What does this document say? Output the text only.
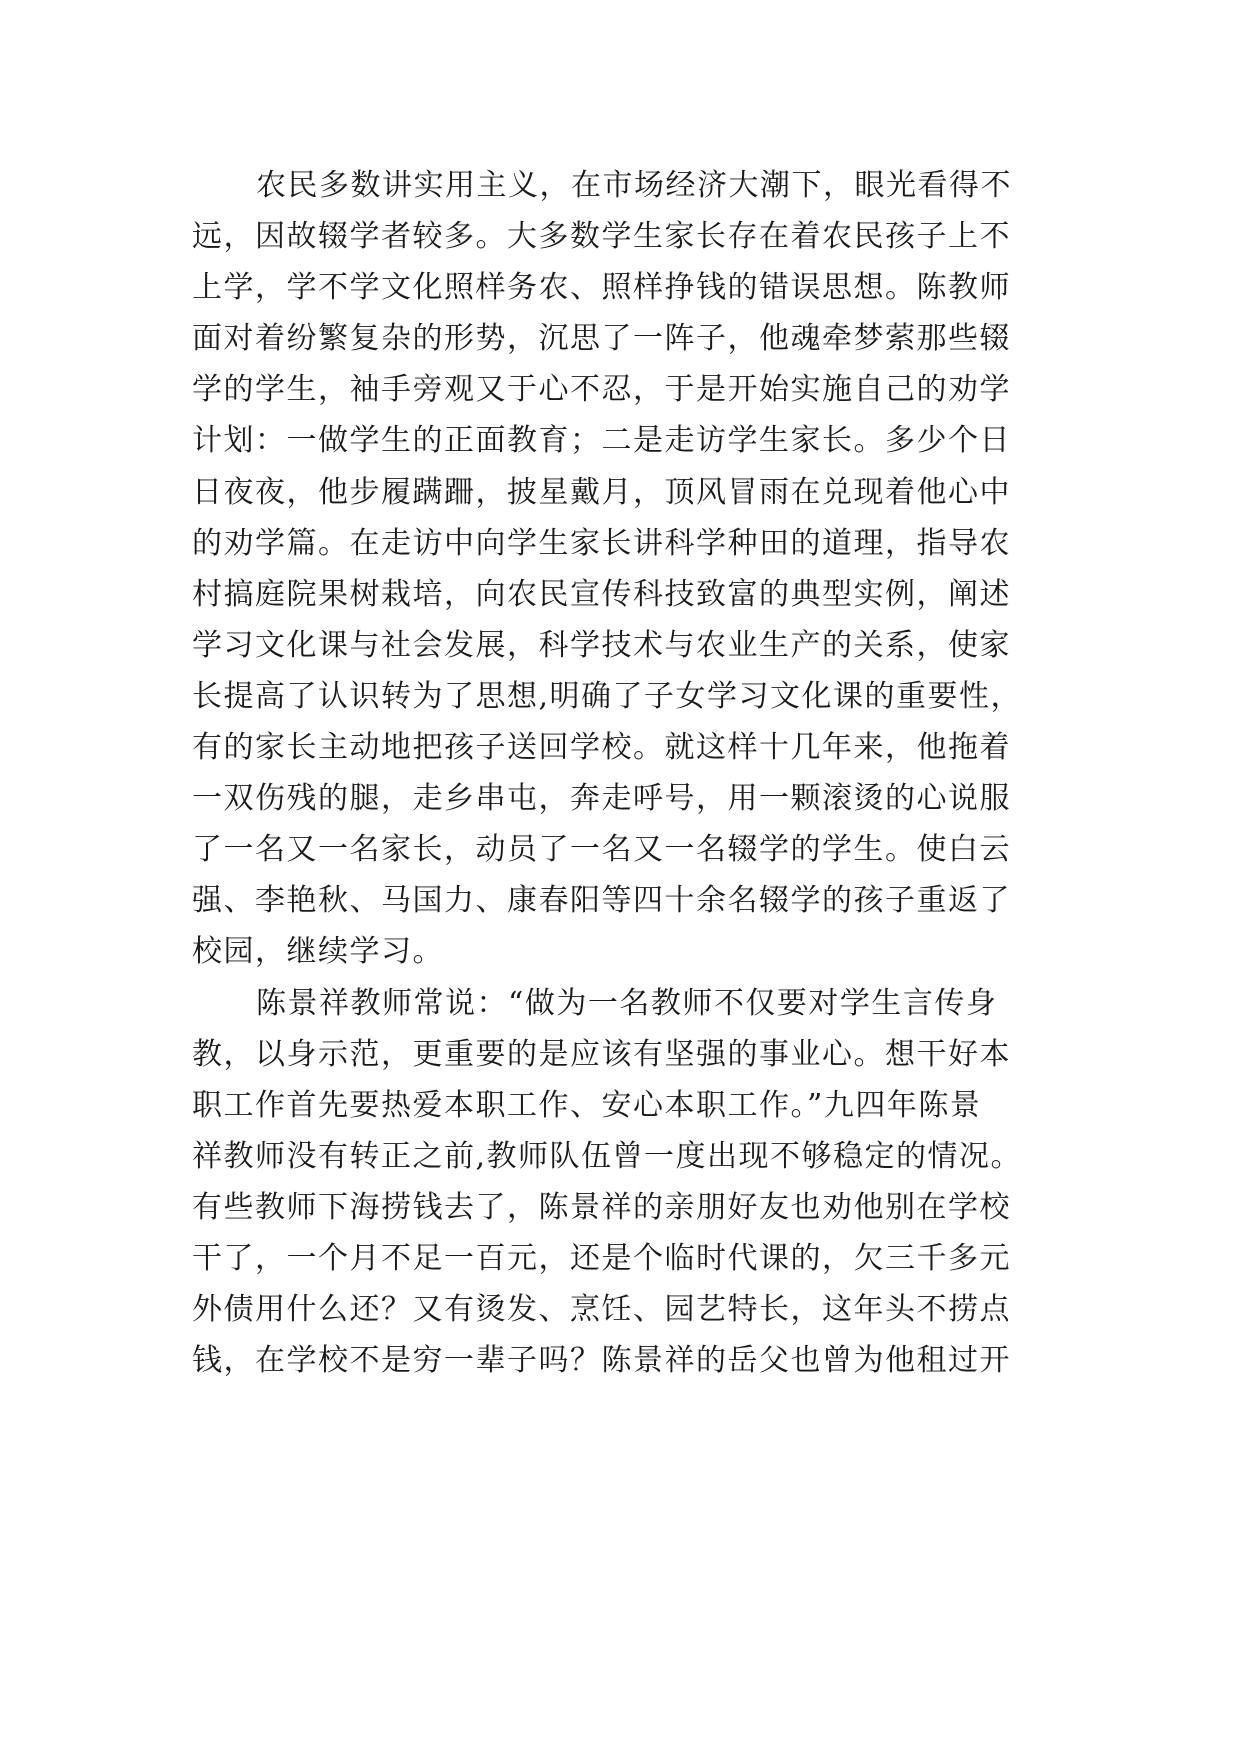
农民多数讲实用主义，在市场经济大潮下，眼光看得不
远，因故辍学者较多。大多数学生家长存在着农民孩子上不
上学，学不学文化照样务农、照样挣钱的错误思想。陈教师
面对着纷繁复杂的形势，沉思了一阵子，他魂牵梦萦那些辍
学的学生，袖手旁观又于心不忍，于是开始实施自己的劝学
计划：一做学生的正面教育；二是走访学生家长。多少个日
日夜夜，他步履蹒跚，披星戴月，顶风冒雨在兑现着他心中
的劝学篇。在走访中向学生家长讲科学种田的道理，指导农
村搞庭院果树栽培，向农民宣传科技致富的典型实例，阐述
学习文化课与社会发展，科学技术与农业生产的关系，使家
长提高了认识转为了思想,明确了子女学习文化课的重要性，
有的家长主动地把孩子送回学校。就这样十几年来，他拖着
一双伤残的腿，走乡串屯，奔走呼号，用一颗滚烫的心说服
了一名又一名家长，动员了一名又一名辍学的学生。使白云
强、李艳秋、马国力、康春阳等四十余名辍学的孩子重返了
校园，继续学习。
陈景祥教师常说：“做为一名教师不仅要对学生言传身
教，以身示范，更重要的是应该有坚强的事业心。想干好本
职工作首先要热爱本职工作、安心本职工作。”九四年陈景
祥教师没有转正之前,教师队伍曾一度出现不够稳定的情况。
有些教师下海捞钱去了，陈景祥的亲朋好友也劝他别在学校
干了，一个月不足一百元，还是个临时代课的，欠三千多元
外债用什么还？又有烫发、烹饪、园艺特长，这年头不捞点
钱，在学校不是穷一辈子吗？陈景祥的岳父也曾为他租过开
